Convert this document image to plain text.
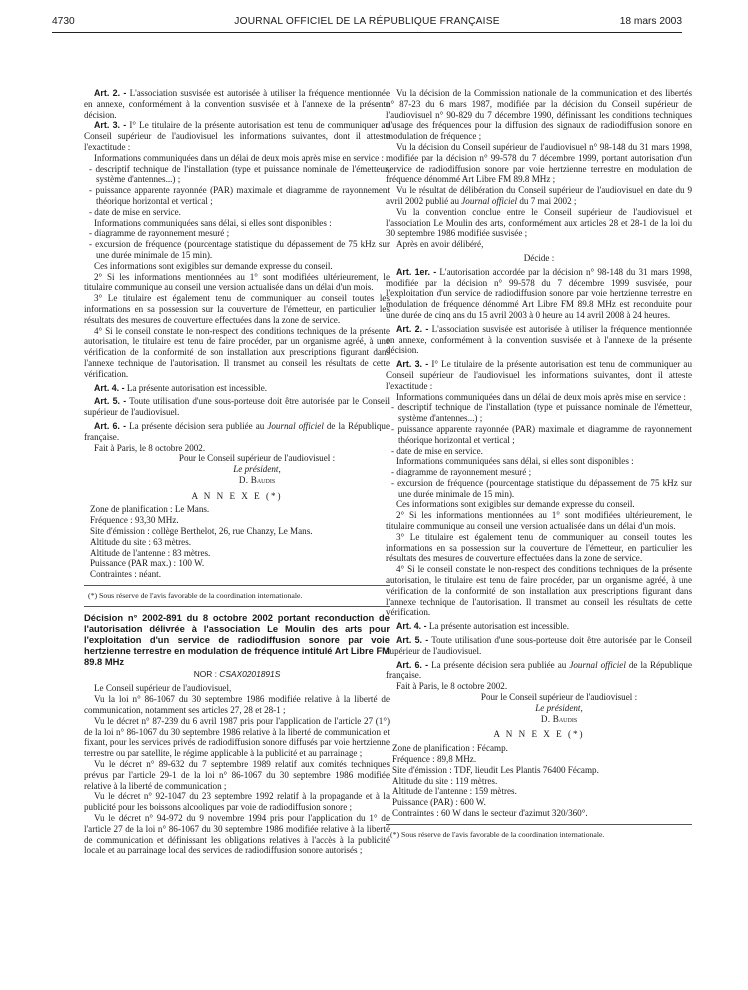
4730	JOURNAL OFFICIEL DE LA RÉPUBLIQUE FRANÇAISE	18 mars 2003

Art. 2. - L'association susvisée est autorisée à utiliser la fréquence mentionnée en annexe, conformément à la convention susvisée et à l'annexe de la présente décision.

Art. 3. - I° Le titulaire de la présente autorisation est tenu de communiquer au Conseil supérieur de l'audiovisuel les informations suivantes, dont il atteste l'exactitude :

Informations communiquées dans un délai de deux mois après mise en service :

- descriptif technique de l'installation (type et puissance nominale de l'émetteur, système d'antennes...) ;

- puissance apparente rayonnée (PAR) maximale et diagramme de rayonnement théorique horizontal et vertical ;

- date de mise en service.

Informations communiquées sans délai, si elles sont disponibles :

- diagramme de rayonnement mesuré ;

- excursion de fréquence (pourcentage statistique du dépassement de 75 kHz sur une durée minimale de 15 min).

Ces informations sont exigibles sur demande expresse du conseil.

2° Si les informations mentionnées au 1° sont modifiées ultérieurement, le titulaire communique au conseil une version actualisée dans un délai d'un mois.

3° Le titulaire est également tenu de communiquer au conseil toutes les informations en sa possession sur la couverture de l'émetteur, en particulier les résultats des mesures de couverture effectuées dans la zone de service.

4° Si le conseil constate le non-respect des conditions techniques de la présente autorisation, le titulaire est tenu de faire procéder, par un organisme agréé, à une vérification de la conformité de son installation aux prescriptions figurant dans l'annexe technique de l'autorisation. Il transmet au conseil les résultats de cette vérification.

Art. 4. - La présente autorisation est incessible.

Art. 5. - Toute utilisation d'une sous-porteuse doit être autorisée par le Conseil supérieur de l'audiovisuel.

Art. 6. - La présente décision sera publiée au Journal officiel de la République française.

Fait à Paris, le 8 octobre 2002.

Pour le Conseil supérieur de l'audiovisuel :

Le président,

D. Baudis

A N N E X E (*)

Zone de planification : Le Mans.

Fréquence : 93,30 MHz.

Site d'émission : collège Berthelot, 26, rue Chanzy, Le Mans.

Altitude du site : 63 mètres.

Altitude de l'antenne : 83 mètres.

Puissance (PAR max.) : 100 W.

Contraintes : néant.

(*) Sous réserve de l'avis favorable de la coordination internationale.

Décision n° 2002-891 du 8 octobre 2002 portant reconduction de l'autorisation délivrée à l'association Le Moulin des arts pour l'exploitation d'un service de radiodiffusion sonore par voie hertzienne terrestre en modulation de fréquence intitulé Art Libre FM 89.8 MHz

NOR : CSAX0201891S

Le Conseil supérieur de l'audiovisuel,

Vu la loi n° 86-1067 du 30 septembre 1986 modifiée relative à la liberté de communication, notamment ses articles 27, 28 et 28-1 ;

Vu le décret n° 87-239 du 6 avril 1987 pris pour l'application de l'article 27 (1°) de la loi n° 86-1067 du 30 septembre 1986 relative à la liberté de communication et fixant, pour les services privés de radiodiffusion sonore diffusés par voie hertzienne terrestre ou par satellite, le régime applicable à la publicité et au parrainage ;

Vu le décret n° 89-632 du 7 septembre 1989 relatif aux comités techniques prévus par l'article 29-1 de la loi n° 86-1067 du 30 septembre 1986 modifiée relative à la liberté de communication ;

Vu le décret n° 92-1047 du 23 septembre 1992 relatif à la propagande et à la publicité pour les boissons alcooliques par voie de radiodiffusion sonore ;

Vu le décret n° 94-972 du 9 novembre 1994 pris pour l'application du 1° de l'article 27 de la loi n° 86-1067 du 30 septembre 1986 modifiée relative à la liberté de communication et définissant les obligations relatives à l'accès à la publicité locale et au parrainage local des services de radiodiffusion sonore autorisés ;

Vu la décision de la Commission nationale de la communication et des libertés n° 87-23 du 6 mars 1987, modifiée par la décision du Conseil supérieur de l'audiovisuel n° 90-829 du 7 décembre 1990, définissant les conditions techniques d'usage des fréquences pour la diffusion des signaux de radiodiffusion sonore en modulation de fréquence ;

Vu la décision du Conseil supérieur de l'audiovisuel n° 98-148 du 31 mars 1998, modifiée par la décision n° 99-578 du 7 décembre 1999, portant autorisation d'un service de radiodiffusion sonore par voie hertzienne terrestre en modulation de fréquence dénommé Art Libre FM 89.8 MHz ;

Vu le résultat de délibération du Conseil supérieur de l'audiovisuel en date du 9 avril 2002 publié au Journal officiel du 7 mai 2002 ;

Vu la convention conclue entre le Conseil supérieur de l'audiovisuel et l'association Le Moulin des arts, conformément aux articles 28 et 28-1 de la loi du 30 septembre 1986 modifiée susvisée ;

Après en avoir délibéré,

Décide :

Art. 1er. - L'autorisation accordée par la décision n° 98-148 du 31 mars 1998, modifiée par la décision n° 99-578 du 7 décembre 1999 susvisée, pour l'exploitation d'un service de radiodiffusion sonore par voie hertzienne terrestre en modulation de fréquence dénommé Art Libre FM 89.8 MHz est reconduite pour une durée de cinq ans du 15 avril 2003 à 0 heure au 14 avril 2008 à 24 heures.

Art. 2. - L'association susvisée est autorisée à utiliser la fréquence mentionnée en annexe, conformément à la convention susvisée et à l'annexe de la présente décision.

Art. 3. - I° Le titulaire de la présente autorisation est tenu de communiquer au Conseil supérieur de l'audiovisuel les informations suivantes, dont il atteste l'exactitude :

Informations communiquées dans un délai de deux mois après mise en service :

- descriptif technique de l'installation (type et puissance nominale de l'émetteur, système d'antennes...) ;

- puissance apparente rayonnée (PAR) maximale et diagramme de rayonnement théorique horizontal et vertical ;

- date de mise en service.

Informations communiquées sans délai, si elles sont disponibles :

- diagramme de rayonnement mesuré ;

- excursion de fréquence (pourcentage statistique du dépassement de 75 kHz sur une durée minimale de 15 min).

Ces informations sont exigibles sur demande expresse du conseil.

2° Si les informations mentionnées au 1° sont modifiées ultérieurement, le titulaire communique au conseil une version actualisée dans un délai d'un mois.

3° Le titulaire est également tenu de communiquer au conseil toutes les informations en sa possession sur la couverture de l'émetteur, en particulier les résultats des mesures de couverture effectuées dans la zone de service.

4° Si le conseil constate le non-respect des conditions techniques de la présente autorisation, le titulaire est tenu de faire procéder, par un organisme agréé, à une vérification de la conformité de son installation aux prescriptions figurant dans l'annexe technique de l'autorisation. Il transmet au conseil les résultats de cette vérification.

Art. 4. - La présente autorisation est incessible.

Art. 5. - Toute utilisation d'une sous-porteuse doit être autorisée par le Conseil supérieur de l'audiovisuel.

Art. 6. - La présente décision sera publiée au Journal officiel de la République française.

Fait à Paris, le 8 octobre 2002.

Pour le Conseil supérieur de l'audiovisuel :

Le président,

D. Baudis

A N N E X E (*)

Zone de planification : Fécamp.

Fréquence : 89,8 MHz.

Site d'émission : TDF, lieudit Les Plantis 76400 Fécamp.

Altitude du site : 119 mètres.

Altitude de l'antenne : 159 mètres.

Puissance (PAR) : 600 W.

Contraintes : 60 W dans le secteur d'azimut 320/360°.

(*) Sous réserve de l'avis favorable de la coordination internationale.
